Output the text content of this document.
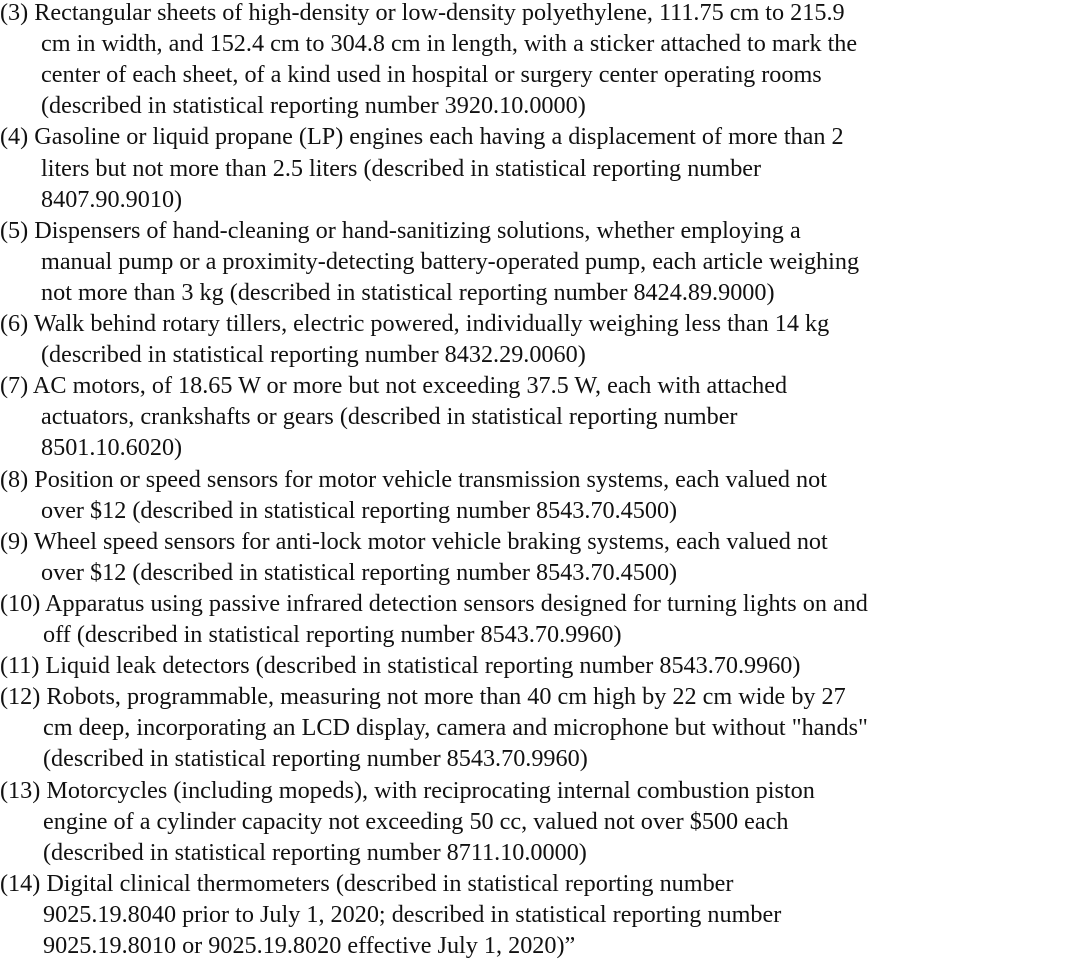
(3) Rectangular sheets of high-density or low-density polyethylene, 111.75 cm to 215.9
cm in width, and 152.4 cm to 304.8 cm in length, with a sticker attached to mark the
center of each sheet, of a kind used in hospital or surgery center operating rooms
(described in statistical reporting number 3920.10.0000)
(4) Gasoline or liquid propane (LP) engines each having a displacement of more than 2
liters but not more than 2.5 liters (described in statistical reporting number
8407.90.9010)
(5) Dispensers of hand-cleaning or hand-sanitizing solutions, whether employing a
manual pump or a proximity-detecting battery-operated pump, each article weighing
not more than 3 kg (described in statistical reporting number 8424.89.9000)
(6) Walk behind rotary tillers, electric powered, individually weighing less than 14 kg
(described in statistical reporting number 8432.29.0060)
(7) AC motors, of 18.65 W or more but not exceeding 37.5 W, each with attached
actuators, crankshafts or gears (described in statistical reporting number
8501.10.6020)
(8) Position or speed sensors for motor vehicle transmission systems, each valued not
over $12 (described in statistical reporting number 8543.70.4500)
(9) Wheel speed sensors for anti-lock motor vehicle braking systems, each valued not
over $12 (described in statistical reporting number 8543.70.4500)
(10) Apparatus using passive infrared detection sensors designed for turning lights on and
off (described in statistical reporting number 8543.70.9960)
(11) Liquid leak detectors (described in statistical reporting number 8543.70.9960)
(12) Robots, programmable, measuring not more than 40 cm high by 22 cm wide by 27
cm deep, incorporating an LCD display, camera and microphone but without "hands"
(described in statistical reporting number 8543.70.9960)
(13) Motorcycles (including mopeds), with reciprocating internal combustion piston
engine of a cylinder capacity not exceeding 50 cc, valued not over $500 each
(described in statistical reporting number 8711.10.0000)
(14) Digital clinical thermometers (described in statistical reporting number
9025.19.8040 prior to July 1, 2020; described in statistical reporting number
9025.19.8010 or 9025.19.8020 effective July 1, 2020)”
